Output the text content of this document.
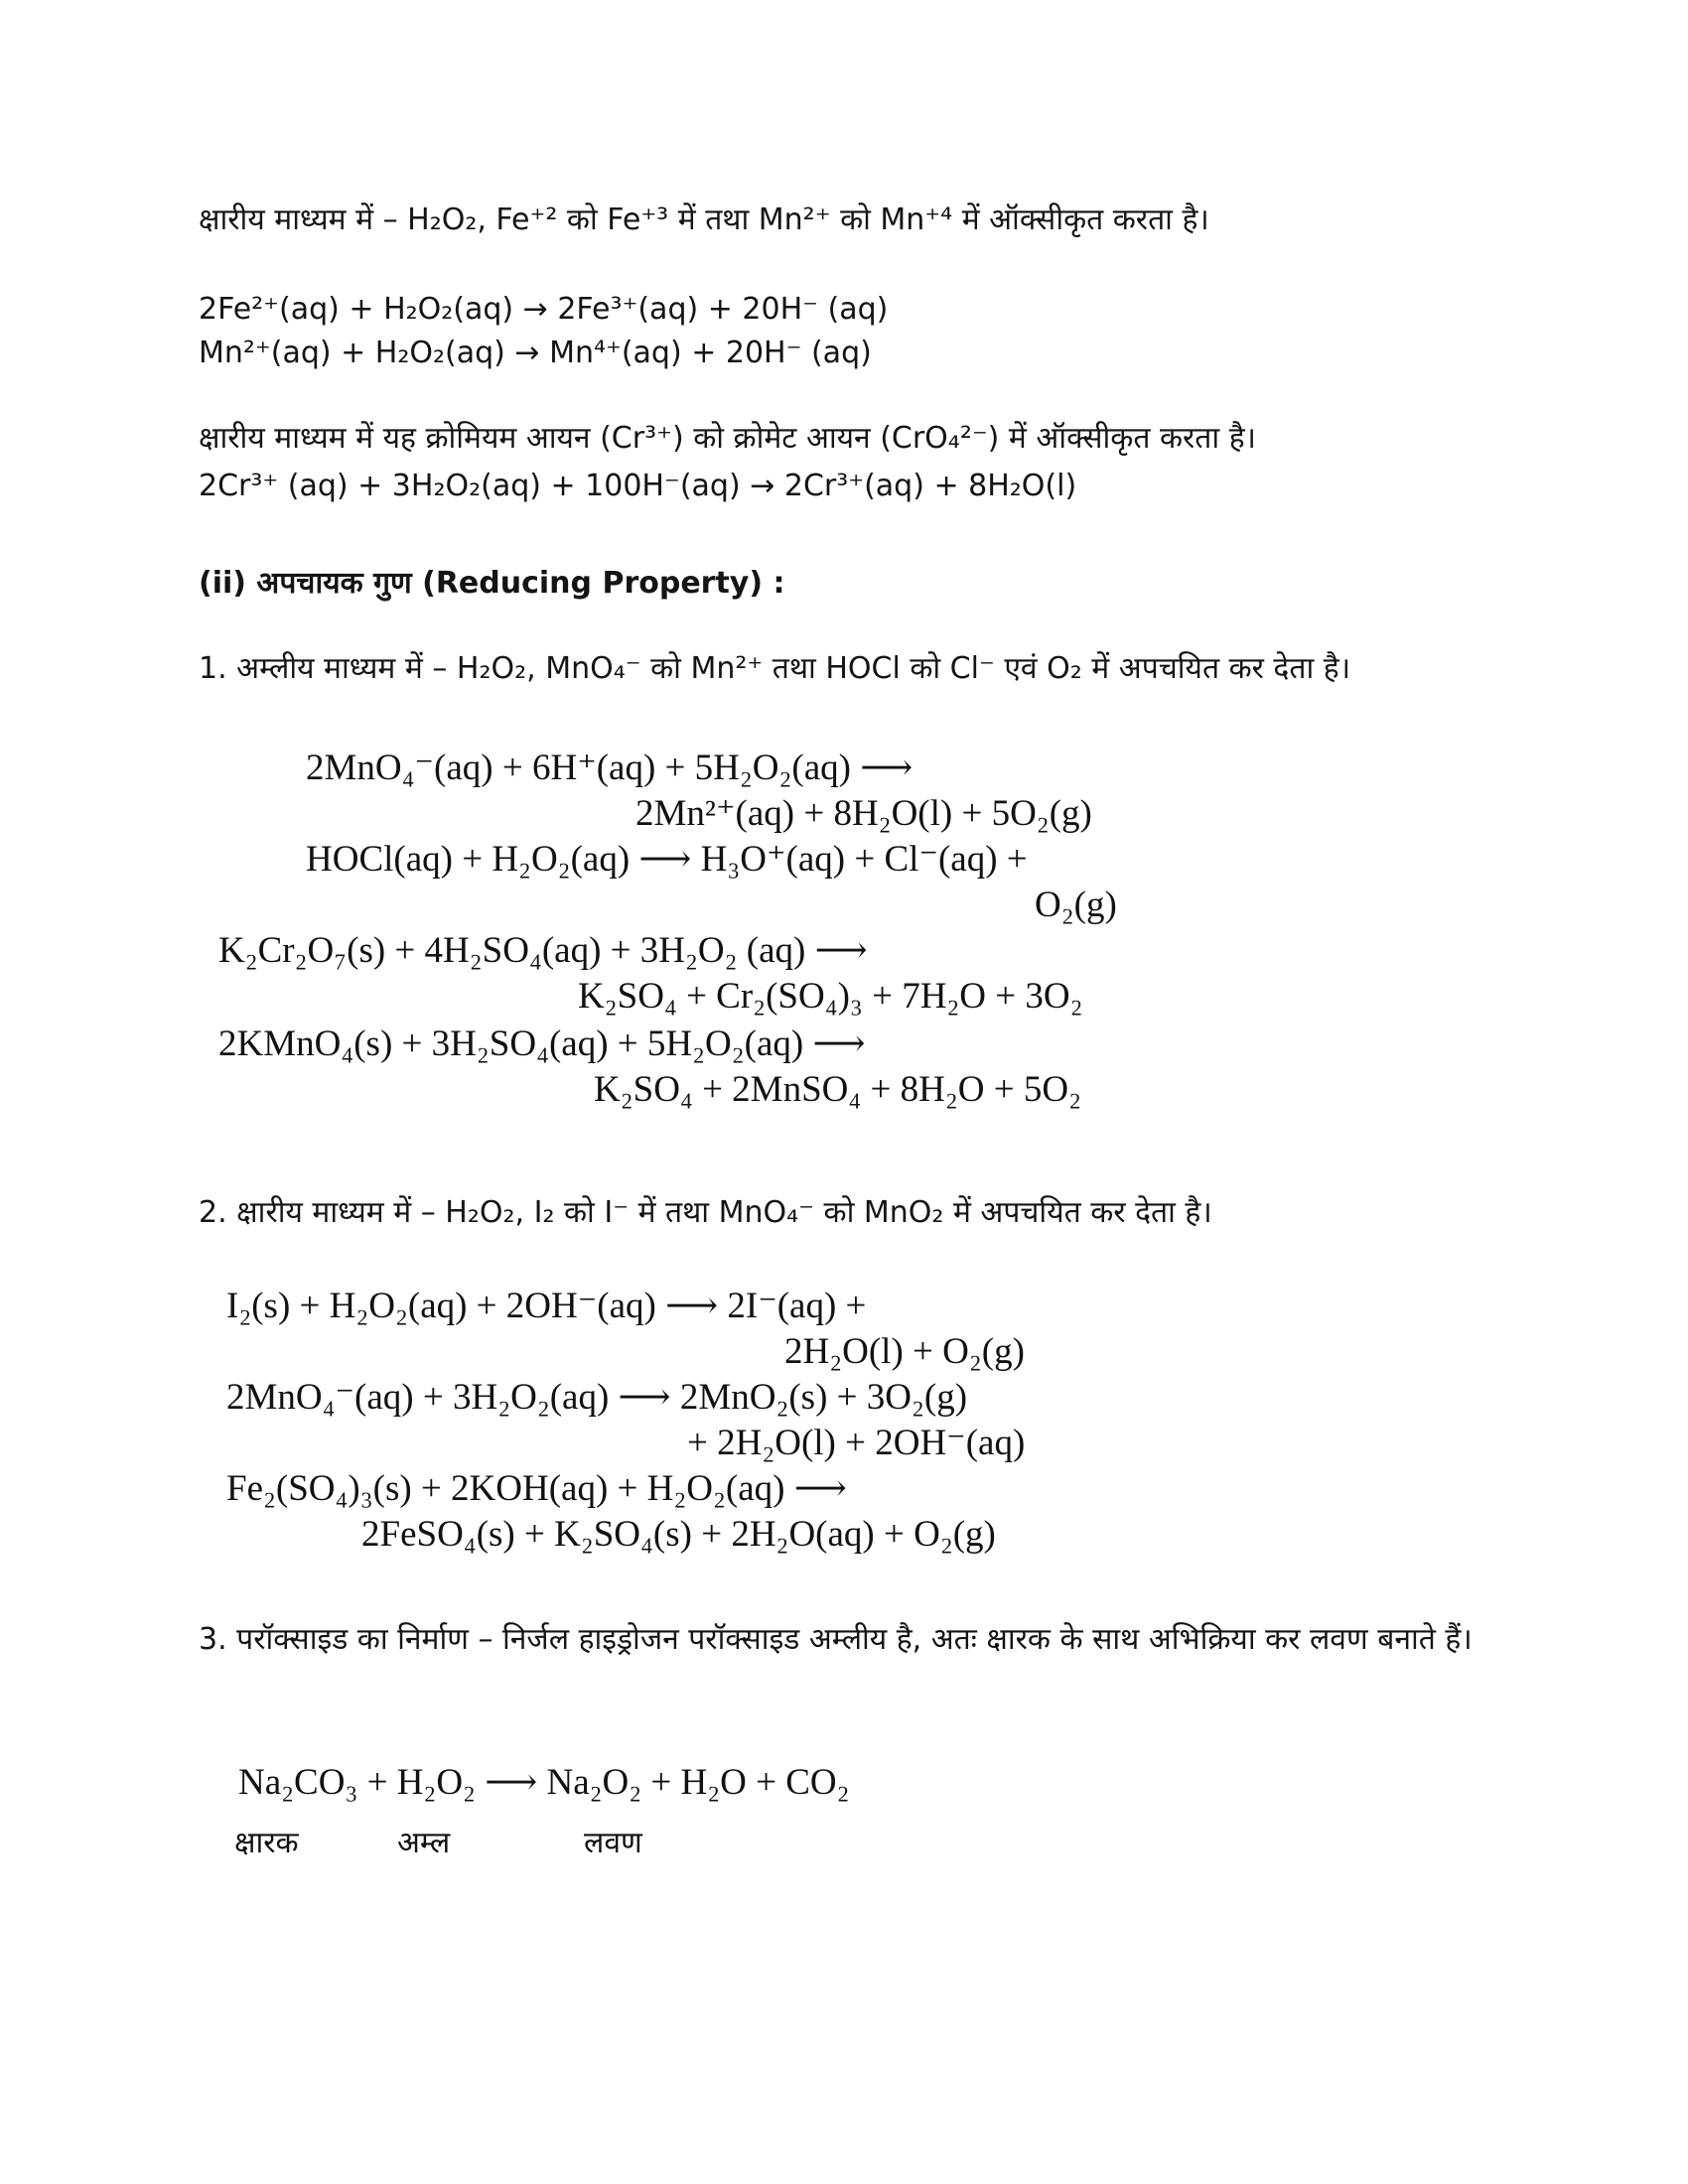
क्षारीय माध्यम में – H₂O₂, Fe⁺² को Fe⁺³ में तथा Mn²⁺ को Mn⁺⁴ में ऑक्सीकृत करता है।
2Fe²⁺(aq) + H₂O₂(aq) → 2Fe³⁺(aq) + 20H⁻ (aq)
Mn²⁺(aq) + H₂O₂(aq) → Mn⁴⁺(aq) + 20H⁻ (aq)
क्षारीय माध्यम में यह क्रोमियम आयन (Cr³⁺) को क्रोमेट आयन (CrO₄²⁻) में ऑक्सीकृत करता है।
2Cr³⁺ (aq) + 3H₂O₂(aq) + 100H⁻(aq) → 2Cr³⁺(aq) + 8H₂O(l)
(ii) अपचायक गुण (Reducing Property) :
1. अम्लीय माध्यम में – H₂O₂, MnO₄⁻ को Mn²⁺ तथा HOCl को Cl⁻ एवं O₂ में अपचयित कर देता है।
2MnO₄⁻(aq) + 6H⁺(aq) + 5H₂O₂(aq) ⟶
2Mn²⁺(aq) + 8H₂O(l) + 5O₂(g)
HOCl(aq) + H₂O₂(aq) ⟶ H₃O⁺(aq) + Cl⁻(aq) +
O₂(g)
K₂Cr₂O₇(s) + 4H₂SO₄(aq) + 3H₂O₂ (aq) ⟶
K₂SO₄ + Cr₂(SO₄)₃ + 7H₂O + 3O₂
2KMnO₄(s) + 3H₂SO₄(aq) + 5H₂O₂(aq) ⟶
K₂SO₄ + 2MnSO₄ + 8H₂O + 5O₂
2. क्षारीय माध्यम में – H₂O₂, I₂ को I⁻ में तथा MnO₄⁻ को MnO₂ में अपचयित कर देता है।
I₂(s) + H₂O₂(aq) + 2OH⁻(aq) ⟶ 2I⁻(aq) +
2H₂O(l) + O₂(g)
2MnO₄⁻(aq) + 3H₂O₂(aq) ⟶ 2MnO₂(s) + 3O₂(g)
+ 2H₂O(l) + 2OH⁻(aq)
Fe₂(SO₄)₃(s) + 2KOH(aq) + H₂O₂(aq) ⟶
2FeSO₄(s) + K₂SO₄(s) + 2H₂O(aq) + O₂(g)
3. परॉक्साइड का निर्माण – निर्जल हाइड्रोजन परॉक्साइड अम्लीय है, अतः क्षारक के साथ अभिक्रिया कर लवण बनाते हैं।
Na₂CO₃ + H₂O₂ ⟶ Na₂O₂ + H₂O + CO₂
क्षारक	अम्ल	लवण
